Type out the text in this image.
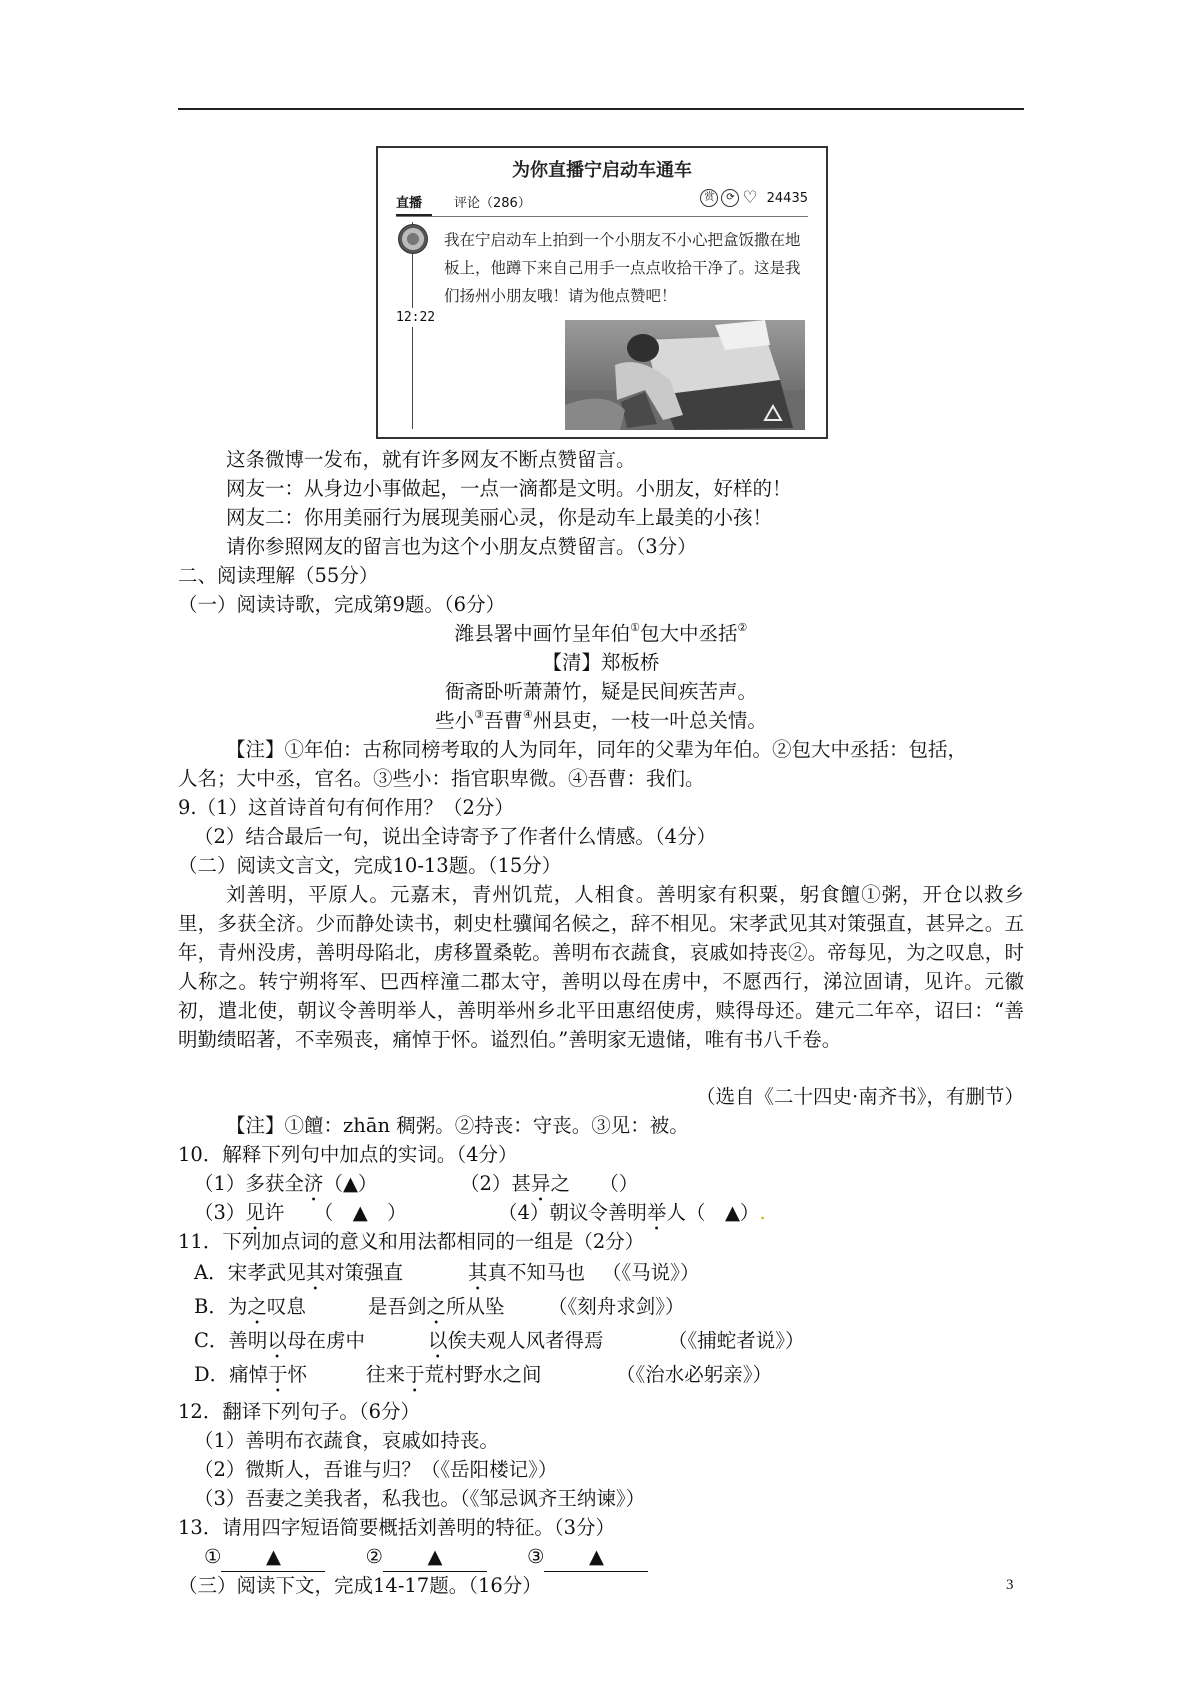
为你直播宁启动车通车
直播 评论（286）	赏	⟳ ♡ 24435
12:22
我在宁启动车上拍到一个小朋友不小心把盒饭撒在地板上，他蹲下来自己用手一点点收拾干净了。这是我们扬州小朋友哦！请为他点赞吧！
这条微博一发布，就有许多网友不断点赞留言。
网友一：从身边小事做起，一点一滴都是文明。小朋友，好样的！
网友二：你用美丽行为展现美丽心灵，你是动车上最美的小孩！
请你参照网友的留言也为这个小朋友点赞留言。（3分）
二、阅读理解（55分）
（一）阅读诗歌，完成第9题。（6分）
潍县署中画竹呈年伯①包大中丞括②
【清】郑板桥
衙斋卧听萧萧竹，疑是民间疾苦声。
些小③吾曹④州县吏，一枝一叶总关情。
【注】①年伯：古称同榜考取的人为同年，同年的父辈为年伯。②包大中丞括：包括，
人名；大中丞，官名。③些小：指官职卑微。④吾曹：我们。
9.（1）这首诗首句有何作用？（2分）
（2）结合最后一句，说出全诗寄予了作者什么情感。（4分）
（二）阅读文言文，完成10-13题。（15分）
刘善明，平原人。元嘉末，青州饥荒，人相食。善明家有积粟，躬食饘①粥，开仓以救乡里，多获全济。少而静处读书，刺史杜骥闻名候之，辞不相见。宋孝武见其对策强直，甚异之。五年，青州没虏，善明母陷北，虏移置桑乾。善明布衣蔬食，哀戚如持丧②。帝每见，为之叹息，时人称之。转宁朔将军、巴西梓潼二郡太守，善明以母在虏中，不愿西行，涕泣固请，见许。元徽初，遣北使，朝议令善明举人，善明举州乡北平田惠绍使虏，赎得母还。建元二年卒，诏曰：“善明勤绩昭著，不幸殒丧，痛悼于怀。谥烈伯。”善明家无遗储，唯有书八千卷。
（选自《二十四史·南齐书》，有删节）
【注】①饘：zhān 稠粥。②持丧：守丧。③见：被。
10．解释下列句中加点的实词。（4分）
（1）多获全济（▲）	（2）甚异之　　（）
（3）见许　　（　▲　）	（4）朝议令善明举人（　▲）.
11．下列加点词的意义和用法都相同的一组是（2分）
A．宋孝武见其对策强直	其真不知马也 （《马说》）
B．为之叹息	是吾剑之所从坠 （《刻舟求剑》）
C．善明以母在虏中	以俟夫观人风者得焉	（《捕蛇者说》）
D．痛悼于怀	往来于荒村野水之间	（《治水必躬亲》）
12．翻译下列句子。（6分）
（1）善明布衣蔬食，哀戚如持丧。
（2）微斯人，吾谁与归？（《岳阳楼记》）
（3）吾妻之美我者，私我也。（《邹忌讽齐王纳谏》）
13．请用四字短语简要概括刘善明的特征。（3分）
① ▲	② ▲	③ ▲
（三）阅读下文，完成14-17题。（16分）	3
